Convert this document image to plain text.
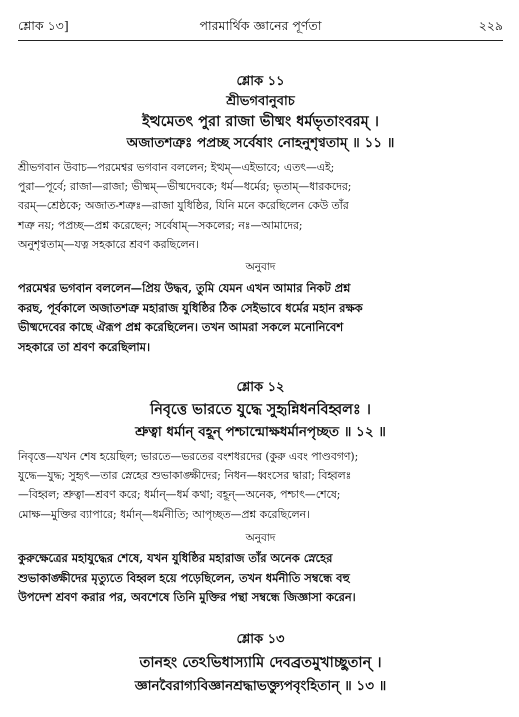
শ্লোক ১৩]	পারমার্থিক জ্ঞানের পূর্ণতা	২২৯
শ্লোক ১১
শ্রীভগবানুবাচ
ইত্থমেতৎ পুরা রাজা ভীষ্মং ধর্মভৃতাংবরম্ ।
অজাতশত্রুঃ পপ্রচ্ছ সর্বেষাং নোহনুশৃণ্বতাম্ ॥ ১১ ॥

শ্রীভগবান উবাচ—পরমেশ্বর ভগবান বললেন; ইত্থম্—এইভাবে; এতৎ—এই;

পুরা—পূর্বে; রাজা—রাজা; ভীষ্মম্—ভীষ্মদেবকে; ধর্ম—ধর্মের; ভৃতাম্—ধারকদের;

বরম্—শ্রেষ্ঠকে; অজাত-শত্রুঃ—রাজা যুধিষ্ঠির, যিনি মনে করেছিলেন কেউ তাঁর

শত্রু নয়; পপ্রচ্ছ—প্রশ্ন করেছেন; সর্বেষাম্—সকলের; নঃ—আমাদের;

অনুশৃণ্বতাম্—যত্ন সহকারে শ্রবণ করছিলেন।

অনুবাদ

পরমেশ্বর ভগবান বললেন—প্রিয় উদ্ধব, তুমি যেমন এখন আমার নিকট প্রশ্ন

করছ, পূর্বকালে অজাতশত্রু মহারাজ যুধিষ্ঠির ঠিক সেইভাবে ধর্মের মহান রক্ষক

ভীষ্মদেবের কাছে ঐরূপ প্রশ্ন করেছিলেন। তখন আমরা সকলে মনোনিবেশ

সহকারে তা শ্রবণ করেছিলাম।

শ্লোক ১২
নিবৃত্তে ভারতে যুদ্ধে সুহৃন্নিধনবিহ্বলঃ ।
শ্রুত্বা ধর্মান্ বহূন্ পশ্চান্মোক্ষধর্মানপৃচ্ছত ॥ ১২ ॥

নিবৃত্তে—যখন শেষ হয়েছিল; ভারতে—ভরতের বংশধরদের (কুরু এবং পাণ্ডবগণ);

যুদ্ধে—যুদ্ধ; সুহৃৎ—তার স্নেহের শুভাকাঙ্ক্ষীদের; নিধন—ধ্বংসের দ্বারা; বিহ্বলঃ

—বিহ্বল; শ্রুত্বা—শ্রবণ করে; ধর্মান্—ধর্ম কথা; বহূন্—অনেক, পশ্চাৎ—শেষে;

মোক্ষ—মুক্তির ব্যাপারে; ধর্মান্—ধর্মনীতি; আপৃচ্ছত—প্রশ্ন করেছিলেন।

অনুবাদ

কুরুক্ষেত্রের মহাযুদ্ধের শেষে, যখন যুধিষ্ঠির মহারাজ তাঁর অনেক স্নেহের

শুভাকাঙ্ক্ষীদের মৃত্যুতে বিহ্বল হয়ে পড়েছিলেন, তখন ধর্মনীতি সম্বন্ধে বহু

উপদেশ শ্রবণ করার পর, অবশেষে তিনি মুক্তির পন্থা সম্বন্ধে জিজ্ঞাসা করেন।

শ্লোক ১৩
তানহং তেঽভিধাস্যামি দেবব্রতমুখাচ্ছুতান্ ।
জ্ঞানবৈরাগ্যবিজ্ঞানশ্রদ্ধাভক্ত্যুপবৃংহিতান্ ॥ ১৩ ॥
